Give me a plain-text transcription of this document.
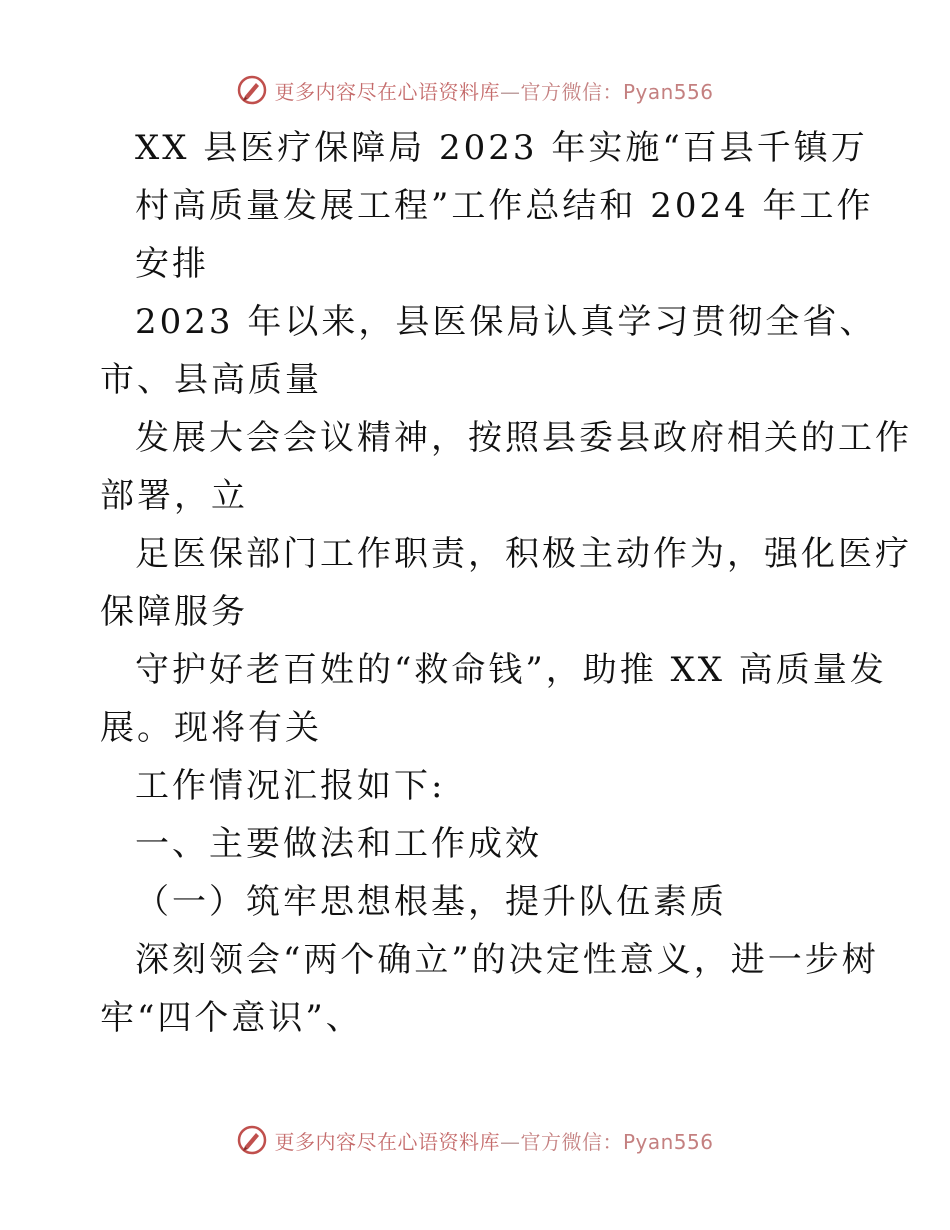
更多内容尽在心语资料库—官方微信：Pyan556
XX 县医疗保障局 2023 年实施“百县千镇万
村高质量发展工程”工作总结和 2024 年工作
安排
2023 年以来，县医保局认真学习贯彻全省、
市、县高质量
发展大会会议精神，按照县委县政府相关的工作
部署，立
足医保部门工作职责，积极主动作为，强化医疗
保障服务
守护好老百姓的“救命钱”，助推 XX 高质量发
展。现将有关
工作情况汇报如下:
一、主要做法和工作成效
（一）筑牢思想根基，提升队伍素质
深刻领会“两个确立”的决定性意义，进一步树
牢“四个意识”、
更多内容尽在心语资料库—官方微信：Pyan556
